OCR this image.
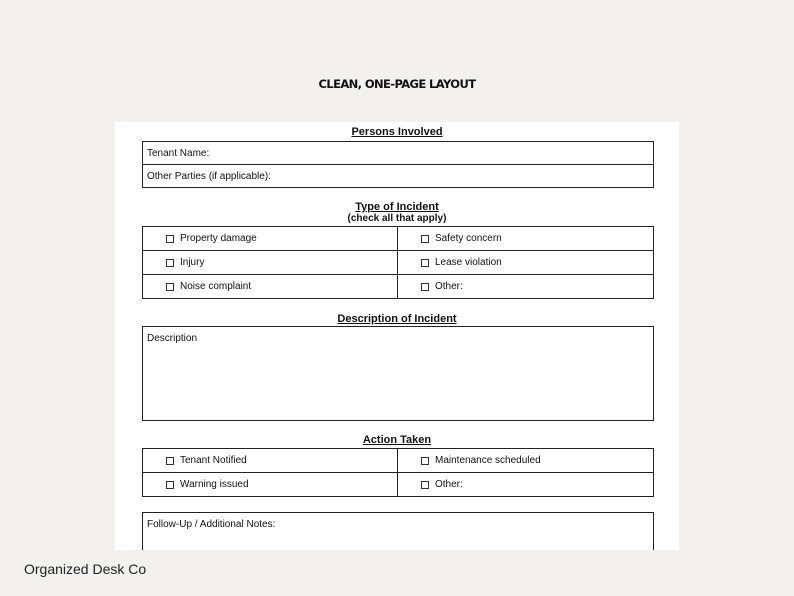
CLEAN, ONE-PAGE LAYOUT
Persons Involved
Tenant Name:
Other Parties (if applicable):
Type of Incident
(check all that apply)
Property damage	Safety concern
Injury	Lease violation
Noise complaint	Other:
Description of Incident
Description
Action Taken
Tenant Notified	Maintenance scheduled
Warning issued	Other:
Follow-Up / Additional Notes:
Organized Desk Co
